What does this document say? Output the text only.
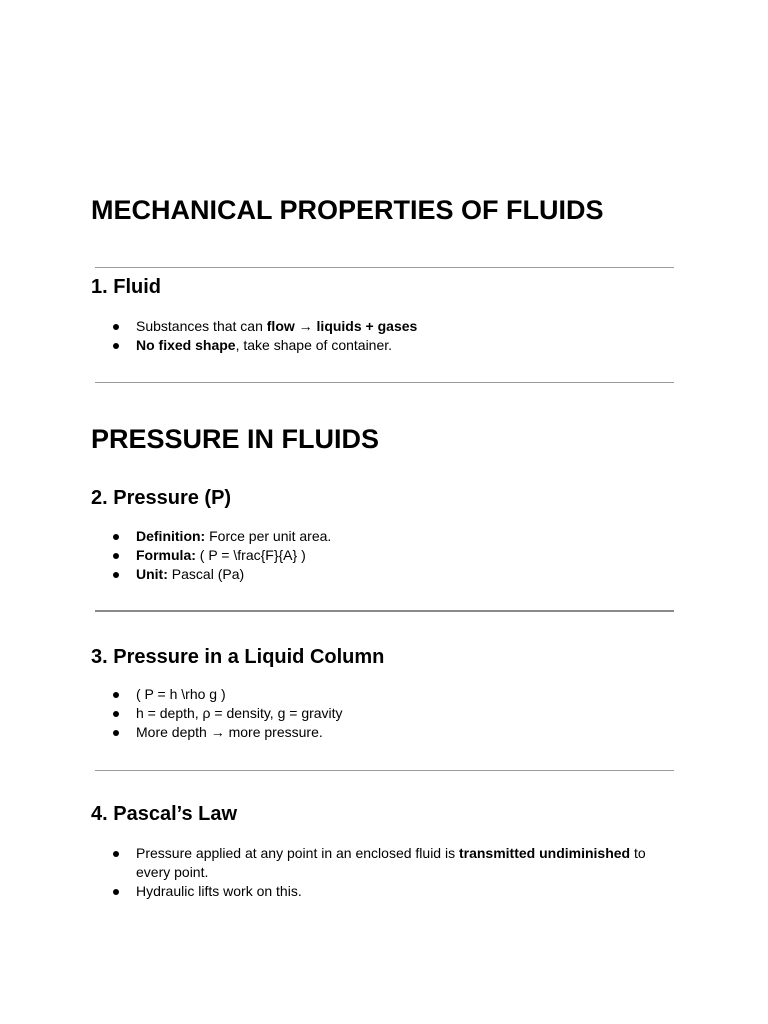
MECHANICAL PROPERTIES OF FLUIDS
1. Fluid
Substances that can flow → liquids + gases
No fixed shape, take shape of container.
PRESSURE IN FLUIDS
2. Pressure (P)
Definition: Force per unit area.
Formula: ( P = \frac{F}{A} )
Unit: Pascal (Pa)
3. Pressure in a Liquid Column
( P = h \rho g )
h = depth, ρ = density, g = gravity
More depth → more pressure.
4. Pascal’s Law
Pressure applied at any point in an enclosed fluid is transmitted undiminished to every point.
Hydraulic lifts work on this.
